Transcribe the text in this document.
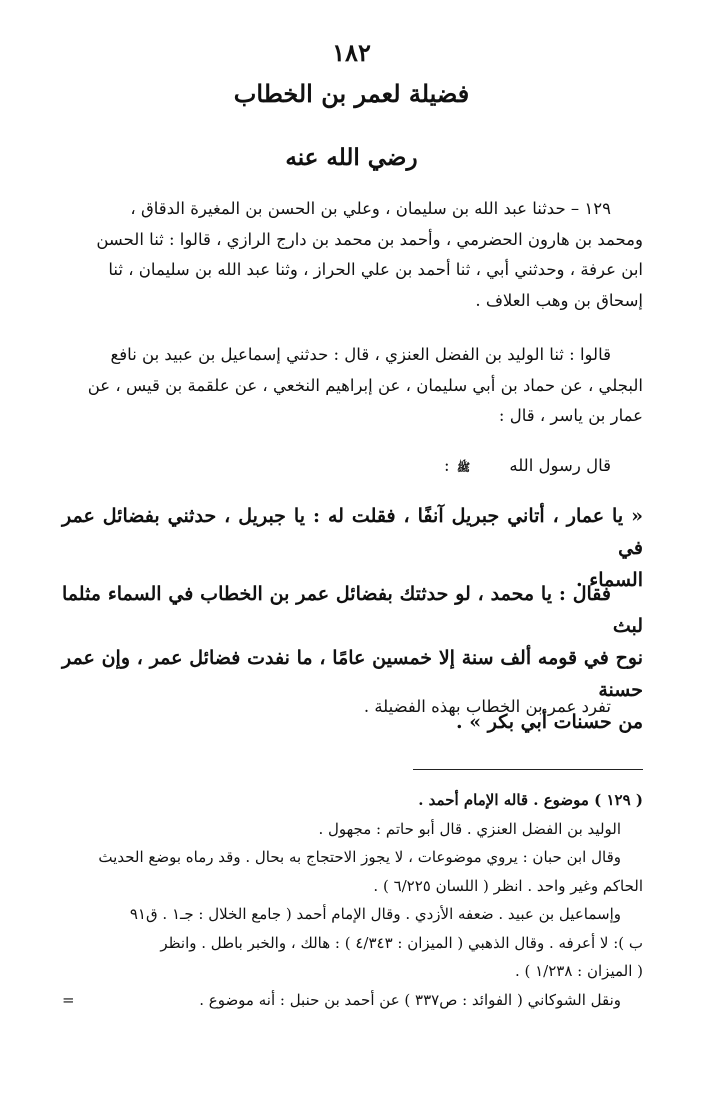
١٨٢
فضيلة لعمر بن الخطاب
رضي الله عنه

١٢٩ – حدثنا عبد الله بن سليمان ، وعلي بن الحسن بن المغيرة الدقاق ،

ومحمد بن هارون الحضرمي ، وأحمد بن محمد بن دارج الرازي ، قالوا : ثنا الحسن

ابن عرفة ، وحدثني أبي ، ثنا أحمد بن علي الحراز ، وثنا عبد الله بن سليمان ، ثنا

إسحاق بن وهب العلاف .

قالوا : ثنا الوليد بن الفضل العنزي ، قال : حدثني إسماعيل بن عبيد بن نافع

البجلي ، عن حماد بن أبي سليمان ، عن إبراهيم النخعي ، عن علقمة بن قيس ، عن

عمار بن ياسر ، قال :

قال رسول الله ﷺ :

« يا عمار ، أتاني جبريل آنفًا ، فقلت له : يا جبريل ، حدثني بفضائل عمر في

السماء .

فقال : يا محمد ، لو حدثتك بفضائل عمر بن الخطاب في السماء مثلما لبث

نوح في قومه ألف سنة إلا خمسين عامًا ، ما نفدت فضائل عمر ، وإن عمر حسنة

من حسنات أبي بكر » .

تفرد عمر بن الخطاب بهذه الفضيلة .

( ١٢٩ ) موضوع . قاله الإمام أحمد .

الوليد بن الفضل العنزي . قال أبو حاتم : مجهول .

وقال ابن حبان : يروي موضوعات ، لا يجوز الاحتجاج به بحال . وقد رماه بوضع الحديث

الحاكم وغير واحد . انظر ( اللسان ٦/٢٢٥ ) .

وإسماعيل بن عبيد . ضعفه الأزدي . وقال الإمام أحمد ( جامع الخلال : جـ١ . ق٩١

ب ): لا أعرفه . وقال الذهبي ( الميزان : ٤/٣٤٣ ) : هالك ، والخبر باطل . وانظر

( الميزان : ١/٢٣٨ ) .

ونقل الشوكاني ( الفوائد : ص٣٣٧ ) عن أحمد بن حنبل : أنه موضوع .
=
